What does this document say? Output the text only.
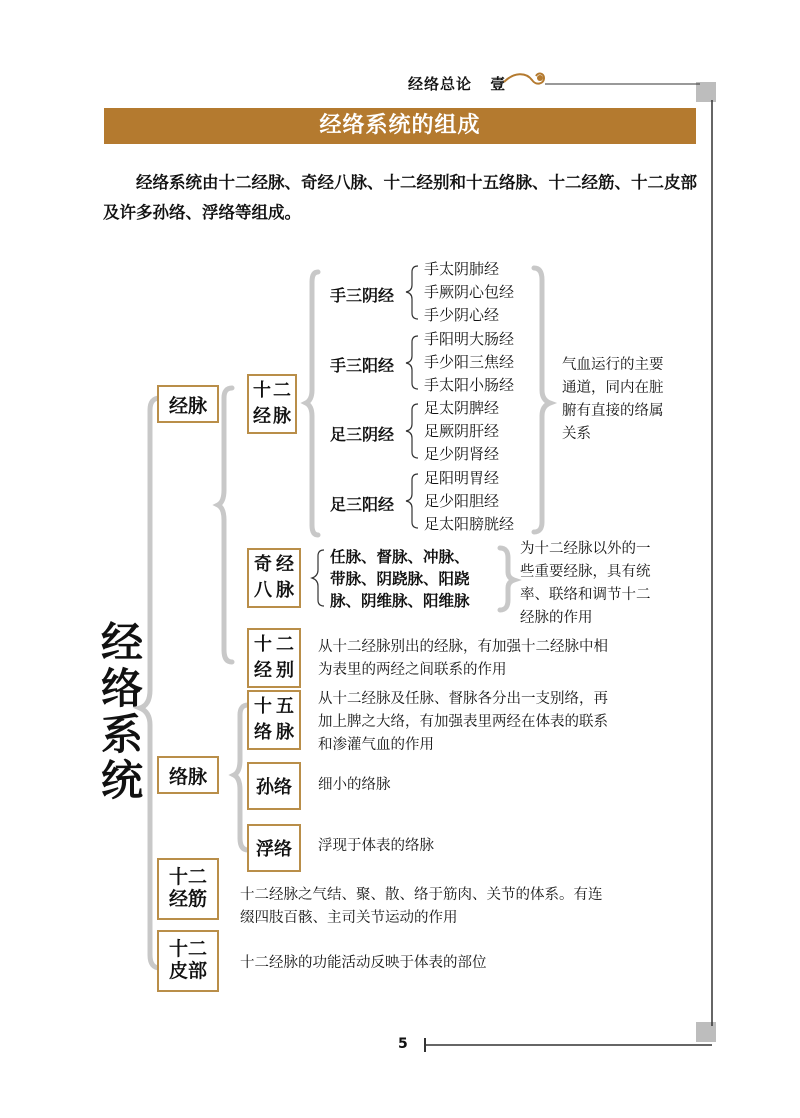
经络总论 壹
经络系统的组成
经络系统由十二经脉、奇经八脉、十二经别和十五络脉、十二经筋、十二皮部及许多孙络、浮络等组成。
经络系统
经脉
络脉
十二
经筋
十二
皮部
十 二
经 脉
奇 经
八 脉
十 二
经 别
十 五
络 脉
孙络
浮络
手三阴经
手三阳经
足三阴经
足三阳经
手太阴肺经
手厥阴心包经
手少阴心经
手阳明大肠经
手少阳三焦经
手太阳小肠经
足太阴脾经
足厥阴肝经
足少阴肾经
足阳明胃经
足少阳胆经
足太阳膀胱经
气血运行的主要
通道，同内在脏
腑有直接的络属
关系
任脉、督脉、冲脉、
带脉、阴跷脉、阳跷
脉、阴维脉、阳维脉
为十二经脉以外的一
些重要经脉，具有统
率、联络和调节十二
经脉的作用
从十二经脉别出的经脉，有加强十二经脉中相
为表里的两经之间联系的作用
从十二经脉及任脉、督脉各分出一支别络，再
加上脾之大络，有加强表里两经在体表的联系
和渗灌气血的作用
细小的络脉
浮现于体表的络脉
十二经脉之气结、聚、散、络于筋肉、关节的体系。有连
缀四肢百骸、主司关节运动的作用
十二经脉的功能活动反映于体表的部位
5
